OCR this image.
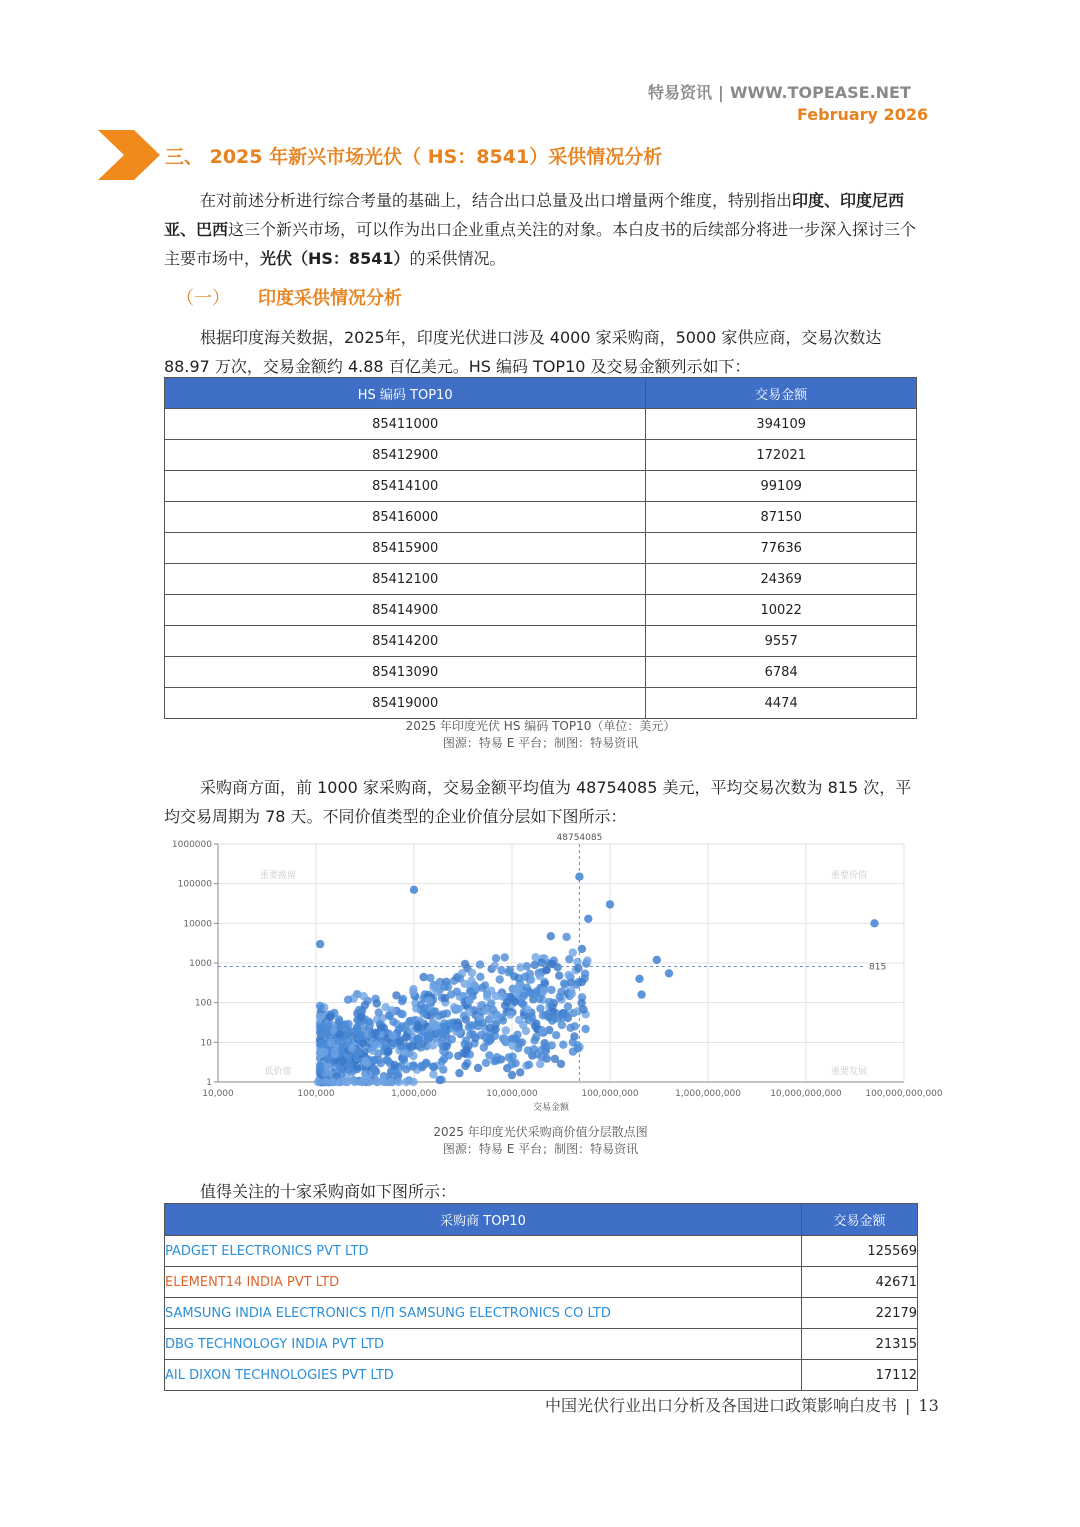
特易资讯 | WWW.TOPEASE.NET
February 2026
三、 2025 年新兴市场光伏（ HS：8541）采供情况分析
在对前述分析进行综合考量的基础上，结合出口总量及出口增量两个维度，特别指出印度、印度尼西亚、巴西这三个新兴市场，可以作为出口企业重点关注的对象。本白皮书的后续部分将进一步深入探讨三个主要市场中，光伏（HS：8541）的采供情况。
（一） 印度采供情况分析
根据印度海关数据，2025年，印度光伏进口涉及 4000 家采购商，5000 家供应商，交易次数达 88.97 万次，交易金额约 4.88 百亿美元。HS 编码 TOP10 及交易金额列示如下：
HS 编码 TOP10	交易金额
85411000	394109
85412900	172021
85414100	99109
85416000	87150
85415900	77636
85412100	24369
85414900	10022
85414200	9557
85413090	6784
85419000	4474
2025 年印度光伏 HS 编码 TOP10（单位：美元）
图源：特易 E 平台；制图：特易资讯
采购商方面，前 1000 家采购商，交易金额平均值为 48754085 美元，平均交易次数为 815 次，平均交易周期为 78 天。不同价值类型的企业价值分层如下图所示：
10,000	100,000	1,000,000	10,000,000	100,000,000	1,000,000,000	10,000,000,000	100,000,000,000
1
10
100
1000
10000
100000
1000000
交易金额
重要挽留	重要价值
低价值	重要发展
48754085
815
2025 年印度光伏采购商价值分层散点图
图源：特易 E 平台；制图：特易资讯
值得关注的十家采购商如下图所示：
采购商 TOP10	交易金额
PADGET ELECTRONICS PVT LTD	125569
ELEMENT14 INDIA PVT LTD	42671
SAMSUNG INDIA ELECTRONICS П/П SAMSUNG ELECTRONICS CO LTD	22179
DBG TECHNOLOGY INDIA PVT LTD	21315
AIL DIXON TECHNOLOGIES PVT LTD	17112
中国光伏行业出口分析及各国进口政策影响白皮书 | 13
